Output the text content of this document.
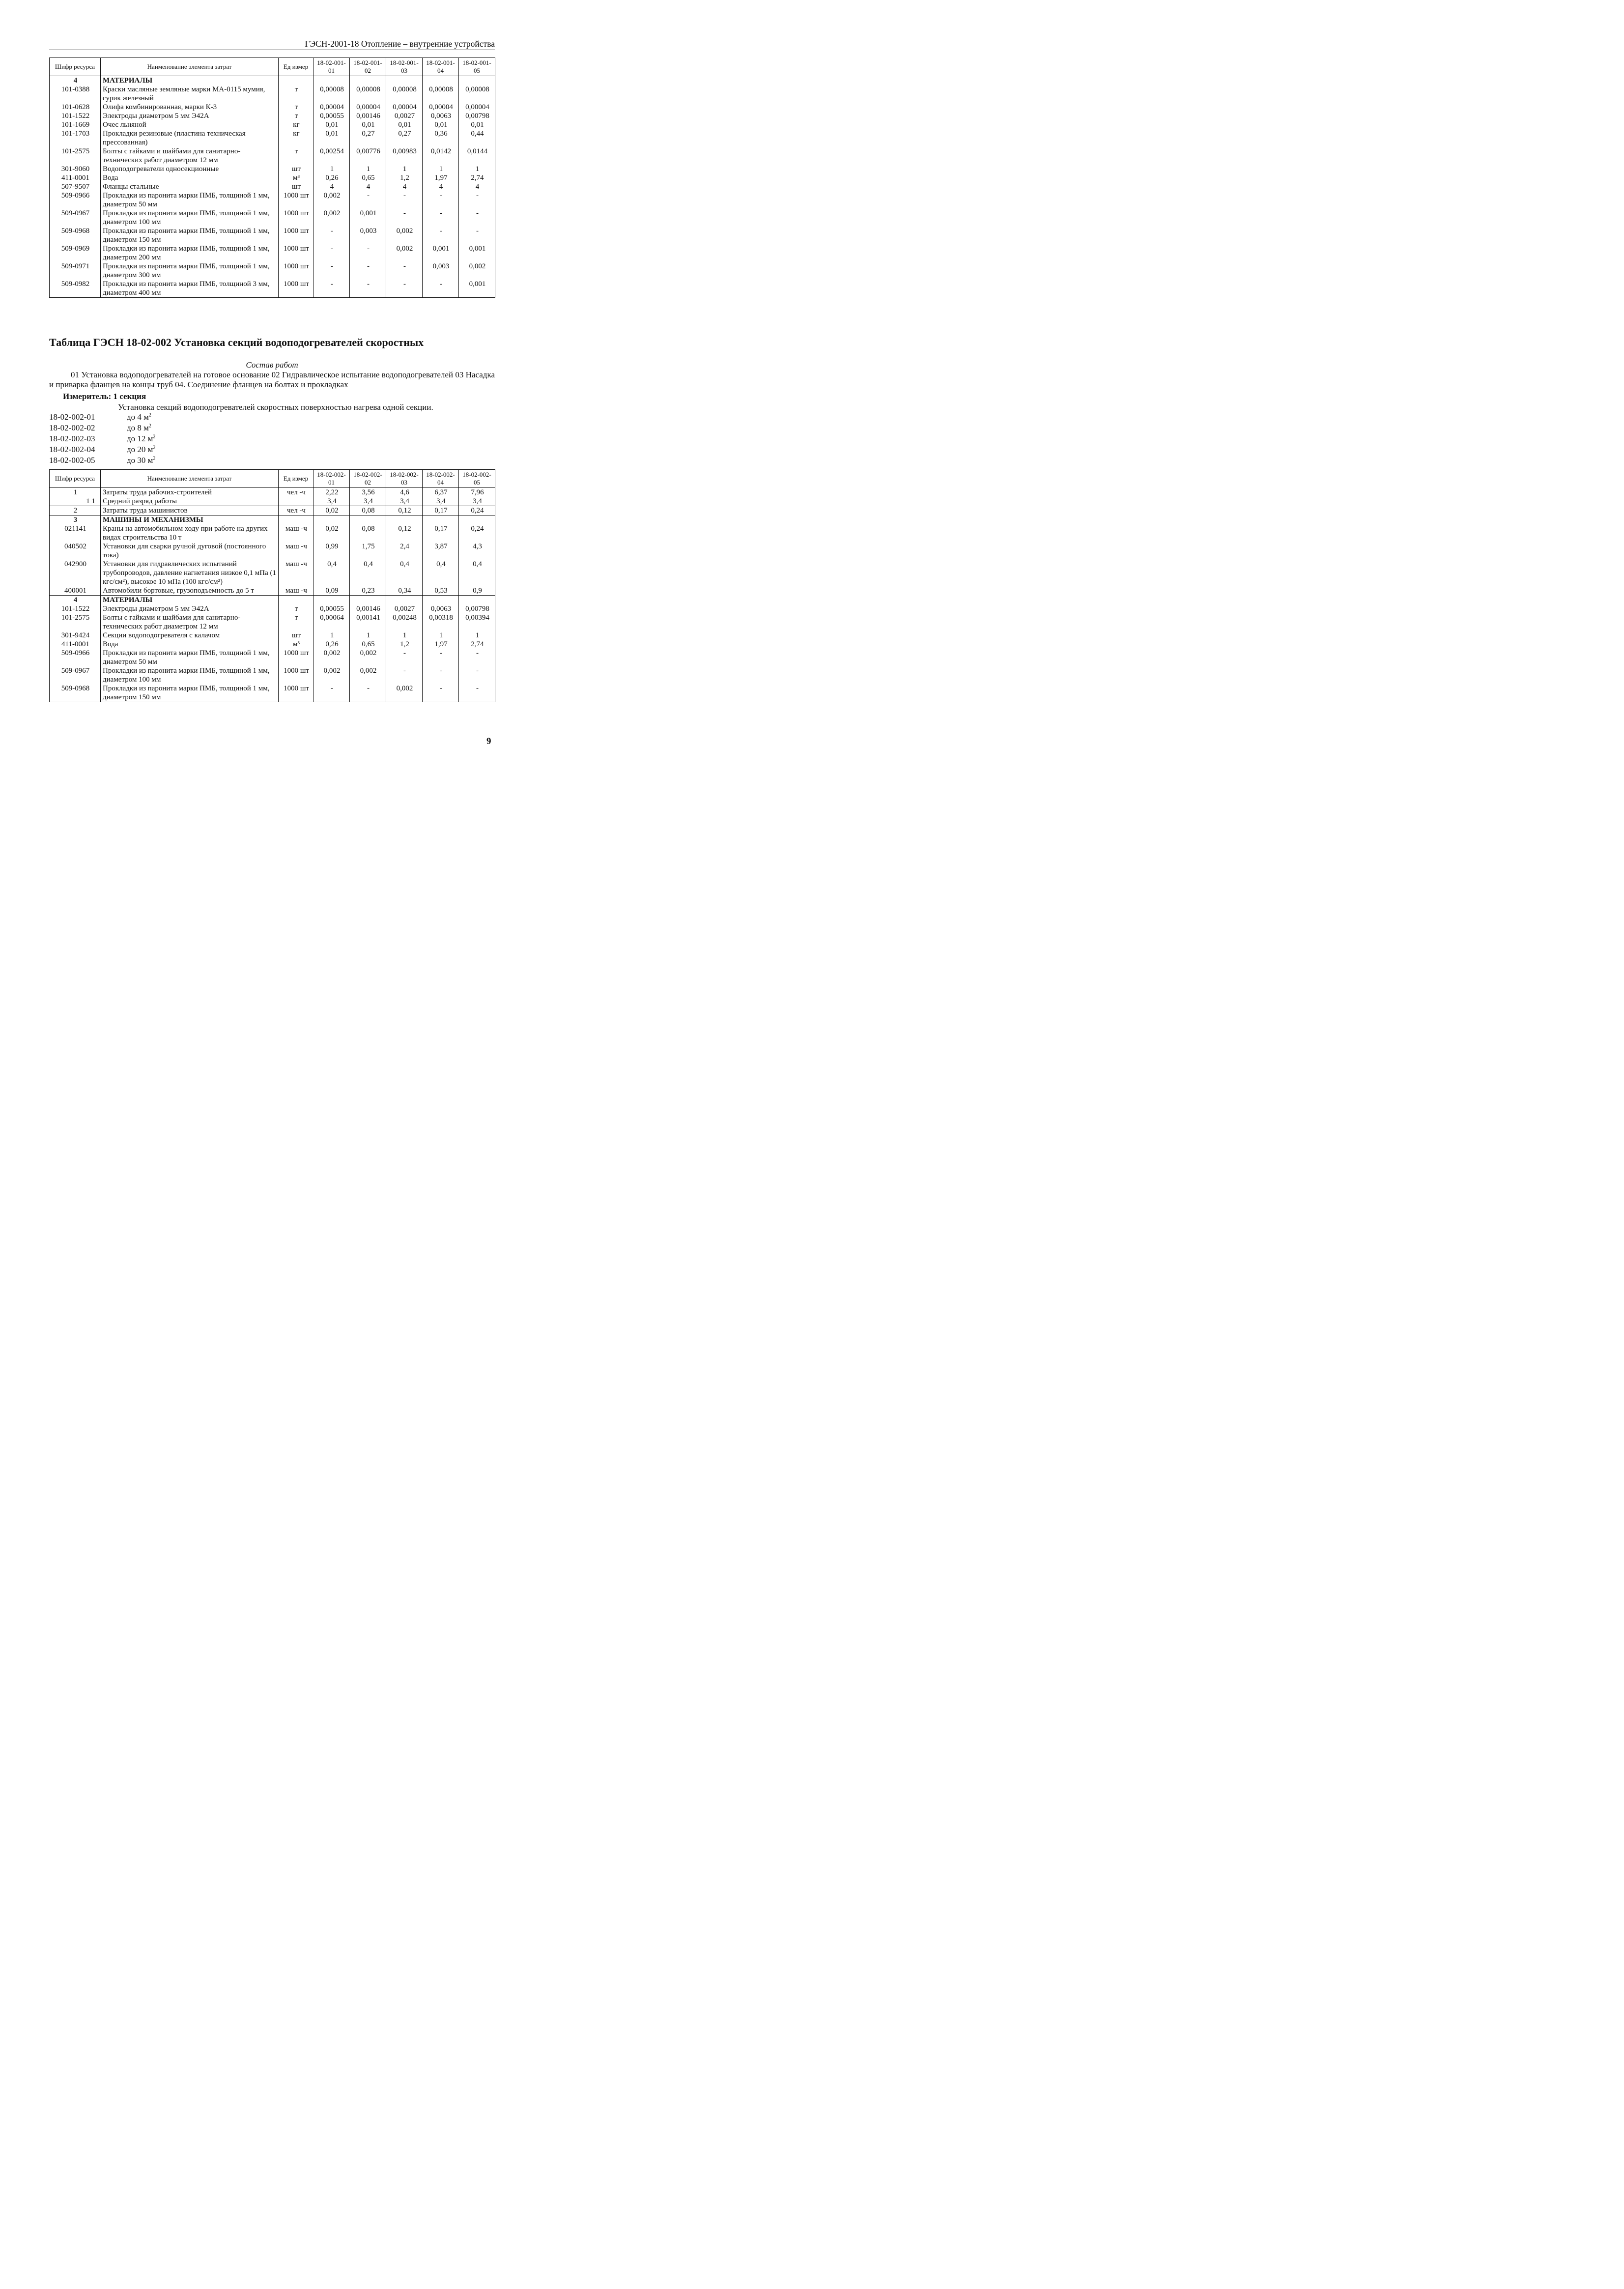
ГЭСН-2001-18 Отопление – внутренние устройства
Шифр ресурса	Наименование элемента затрат	Ед измер	18-02-001-01	18-02-001-02	18-02-001-03	18-02-001-04	18-02-001-05
4	МАТЕРИАЛЫ						
101-0388	Краски масляные земляные марки МА-0115 мумия, сурик железный	т	0,00008	0,00008	0,00008	0,00008	0,00008
101-0628	Олифа комбинированная, марки К-3	т	0,00004	0,00004	0,00004	0,00004	0,00004
101-1522	Электроды диаметром 5 мм Э42А	т	0,00055	0,00146	0,0027	0,0063	0,00798
101-1669	Очес льняной	кг	0,01	0,01	0,01	0,01	0,01
101-1703	Прокладки резиновые (пластина техническая прессованная)	кг	0,01	0,27	0,27	0,36	0,44
101-2575	Болты с гайками и шайбами для санитарно-технических работ диаметром 12 мм	т	0,00254	0,00776	0,00983	0,0142	0,0144
301-9060	Водоподогреватели односекционные	шт	1	1	1	1	1
411-0001	Вода	м³	0,26	0,65	1,2	1,97	2,74
507-9507	Фланцы стальные	шт	4	4	4	4	4
509-0966	Прокладки из паронита марки ПМБ, толщиной 1 мм, диаметром 50 мм	1000 шт	0,002	-	-	-	-
509-0967	Прокладки из паронита марки ПМБ, толщиной 1 мм, диаметром 100 мм	1000 шт	0,002	0,001	-	-	-
509-0968	Прокладки из паронита марки ПМБ, толщиной 1 мм, диаметром 150 мм	1000 шт	-	0,003	0,002	-	-
509-0969	Прокладки из паронита марки ПМБ, толщиной 1 мм, диаметром 200 мм	1000 шт	-	-	0,002	0,001	0,001
509-0971	Прокладки из паронита марки ПМБ, толщиной 1 мм, диаметром 300 мм	1000 шт	-	-	-	0,003	0,002
509-0982	Прокладки из паронита марки ПМБ, толщиной 3 мм, диаметром 400 мм	1000 шт	-	-	-	-	0,001
Таблица ГЭСН 18-02-002 Установка секций водоподогревателей скоростных
Состав работ
01 Установка водоподогревателей на готовое основание 02 Гидравлическое испытание водоподогревателей 03 Насадка и приварка фланцев на концы труб 04. Соединение фланцев на болтах и прокладках
Измеритель: 1 секция
Установка секций водоподогревателей скоростных поверхностью нагрева одной секции.
18-02-002-01	до 4 $м^2$
18-02-002-02	до 8 $м^2$
18-02-002-03	до 12 $м^2$
18-02-002-04	до 20 $м^2$
18-02-002-05	до 30 $м^2$
Шифр ресурса	Наименование элемента затрат	Ед измер	18-02-002-01	18-02-002-02	18-02-002-03	18-02-002-04	18-02-002-05
1	Затраты труда рабочих-строителей	чел -ч	2,22	3,56	4,6	6,37	7,96
1 1	Средний разряд работы		3,4	3,4	3,4	3,4	3,4
2	Затраты труда машинистов	чел -ч	0,02	0,08	0,12	0,17	0,24
3	МАШИНЫ И МЕХАНИЗМЫ						
021141	Краны на автомобильном ходу при работе на других видах строительства 10 т	маш -ч	0,02	0,08	0,12	0,17	0,24
040502	Установки для сварки ручной дуговой (постоянного тока)	маш -ч	0,99	1,75	2,4	3,87	4,3
042900	Установки для гидравлических испытаний трубопроводов, давление нагнетания низкое 0,1 мПа (1 кгс/см²), высокое 10 мПа (100 кгс/см²)	маш -ч	0,4	0,4	0,4	0,4	0,4
400001	Автомобили бортовые, грузоподъемность до 5 т	маш -ч	0,09	0,23	0,34	0,53	0,9
4	МАТЕРИАЛЫ						
101-1522	Электроды диаметром 5 мм Э42А	т	0,00055	0,00146	0,0027	0,0063	0,00798
101-2575	Болты с гайками и шайбами для санитарно-технических работ диаметром 12 мм	т	0,00064	0,00141	0,00248	0,00318	0,00394
301-9424	Секции водоподогревателя с калачом	шт	1	1	1	1	1
411-0001	Вода	м³	0,26	0,65	1,2	1,97	2,74
509-0966	Прокладки из паронита марки ПМБ, толщиной 1 мм, диаметром 50 мм	1000 шт	0,002	0,002	-	-	-
509-0967	Прокладки из паронита марки ПМБ, толщиной 1 мм, диаметром 100 мм	1000 шт	0,002	0,002	-	-	-
509-0968	Прокладки из паронита марки ПМБ, толщиной 1 мм, диаметром 150 мм	1000 шт	-	-	0,002	-	-
9
